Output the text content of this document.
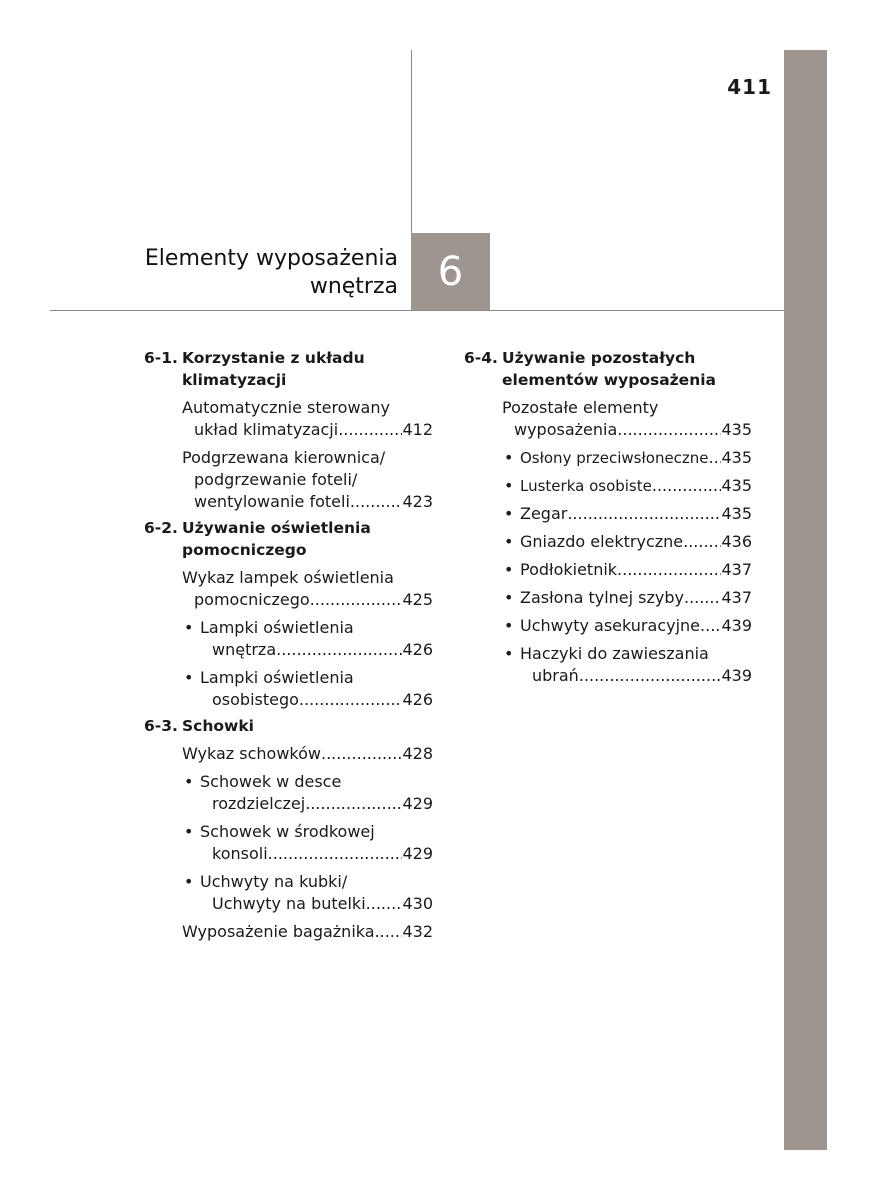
411
Elementy wyposażenia
wnętrza 6
6-1. Korzystanie z układu klimatyzacji
Automatycznie sterowany
układ klimatyzacji .....	412
Podgrzewana kierownica/
podgrzewanie foteli/
wentylowanie foteli .....	423
6-2. Używanie oświetlenia
pomocniczego
Wykaz lampek oświetlenia
pomocniczego .....	425
• Lampki oświetlenia
wnętrza .....	426
• Lampki oświetlenia
osobistego .....	426
6-3. Schowki
Wykaz schowków .....	428
• Schowek w desce
rozdzielczej .....	429
• Schowek w środkowej
konsoli .....	429
• Uchwyty na kubki/
Uchwyty na butelki ..... 430
Wyposażenie bagażnika ..... 432
6-4. Używanie pozostałych
elementów wyposażenia
Pozostałe elementy
wyposażenia .....	435
• Osłony przeciwsłoneczne ..... 435
• Lusterka osobiste .....	435
• Zegar .....	435
• Gniazdo elektryczne ..... 436
• Podłokietnik .....	437
• Zasłona tylnej szyby ..... 437
• Uchwyty asekuracyjne ..... 439
• Haczyki do zawieszania
ubrań .....	439
